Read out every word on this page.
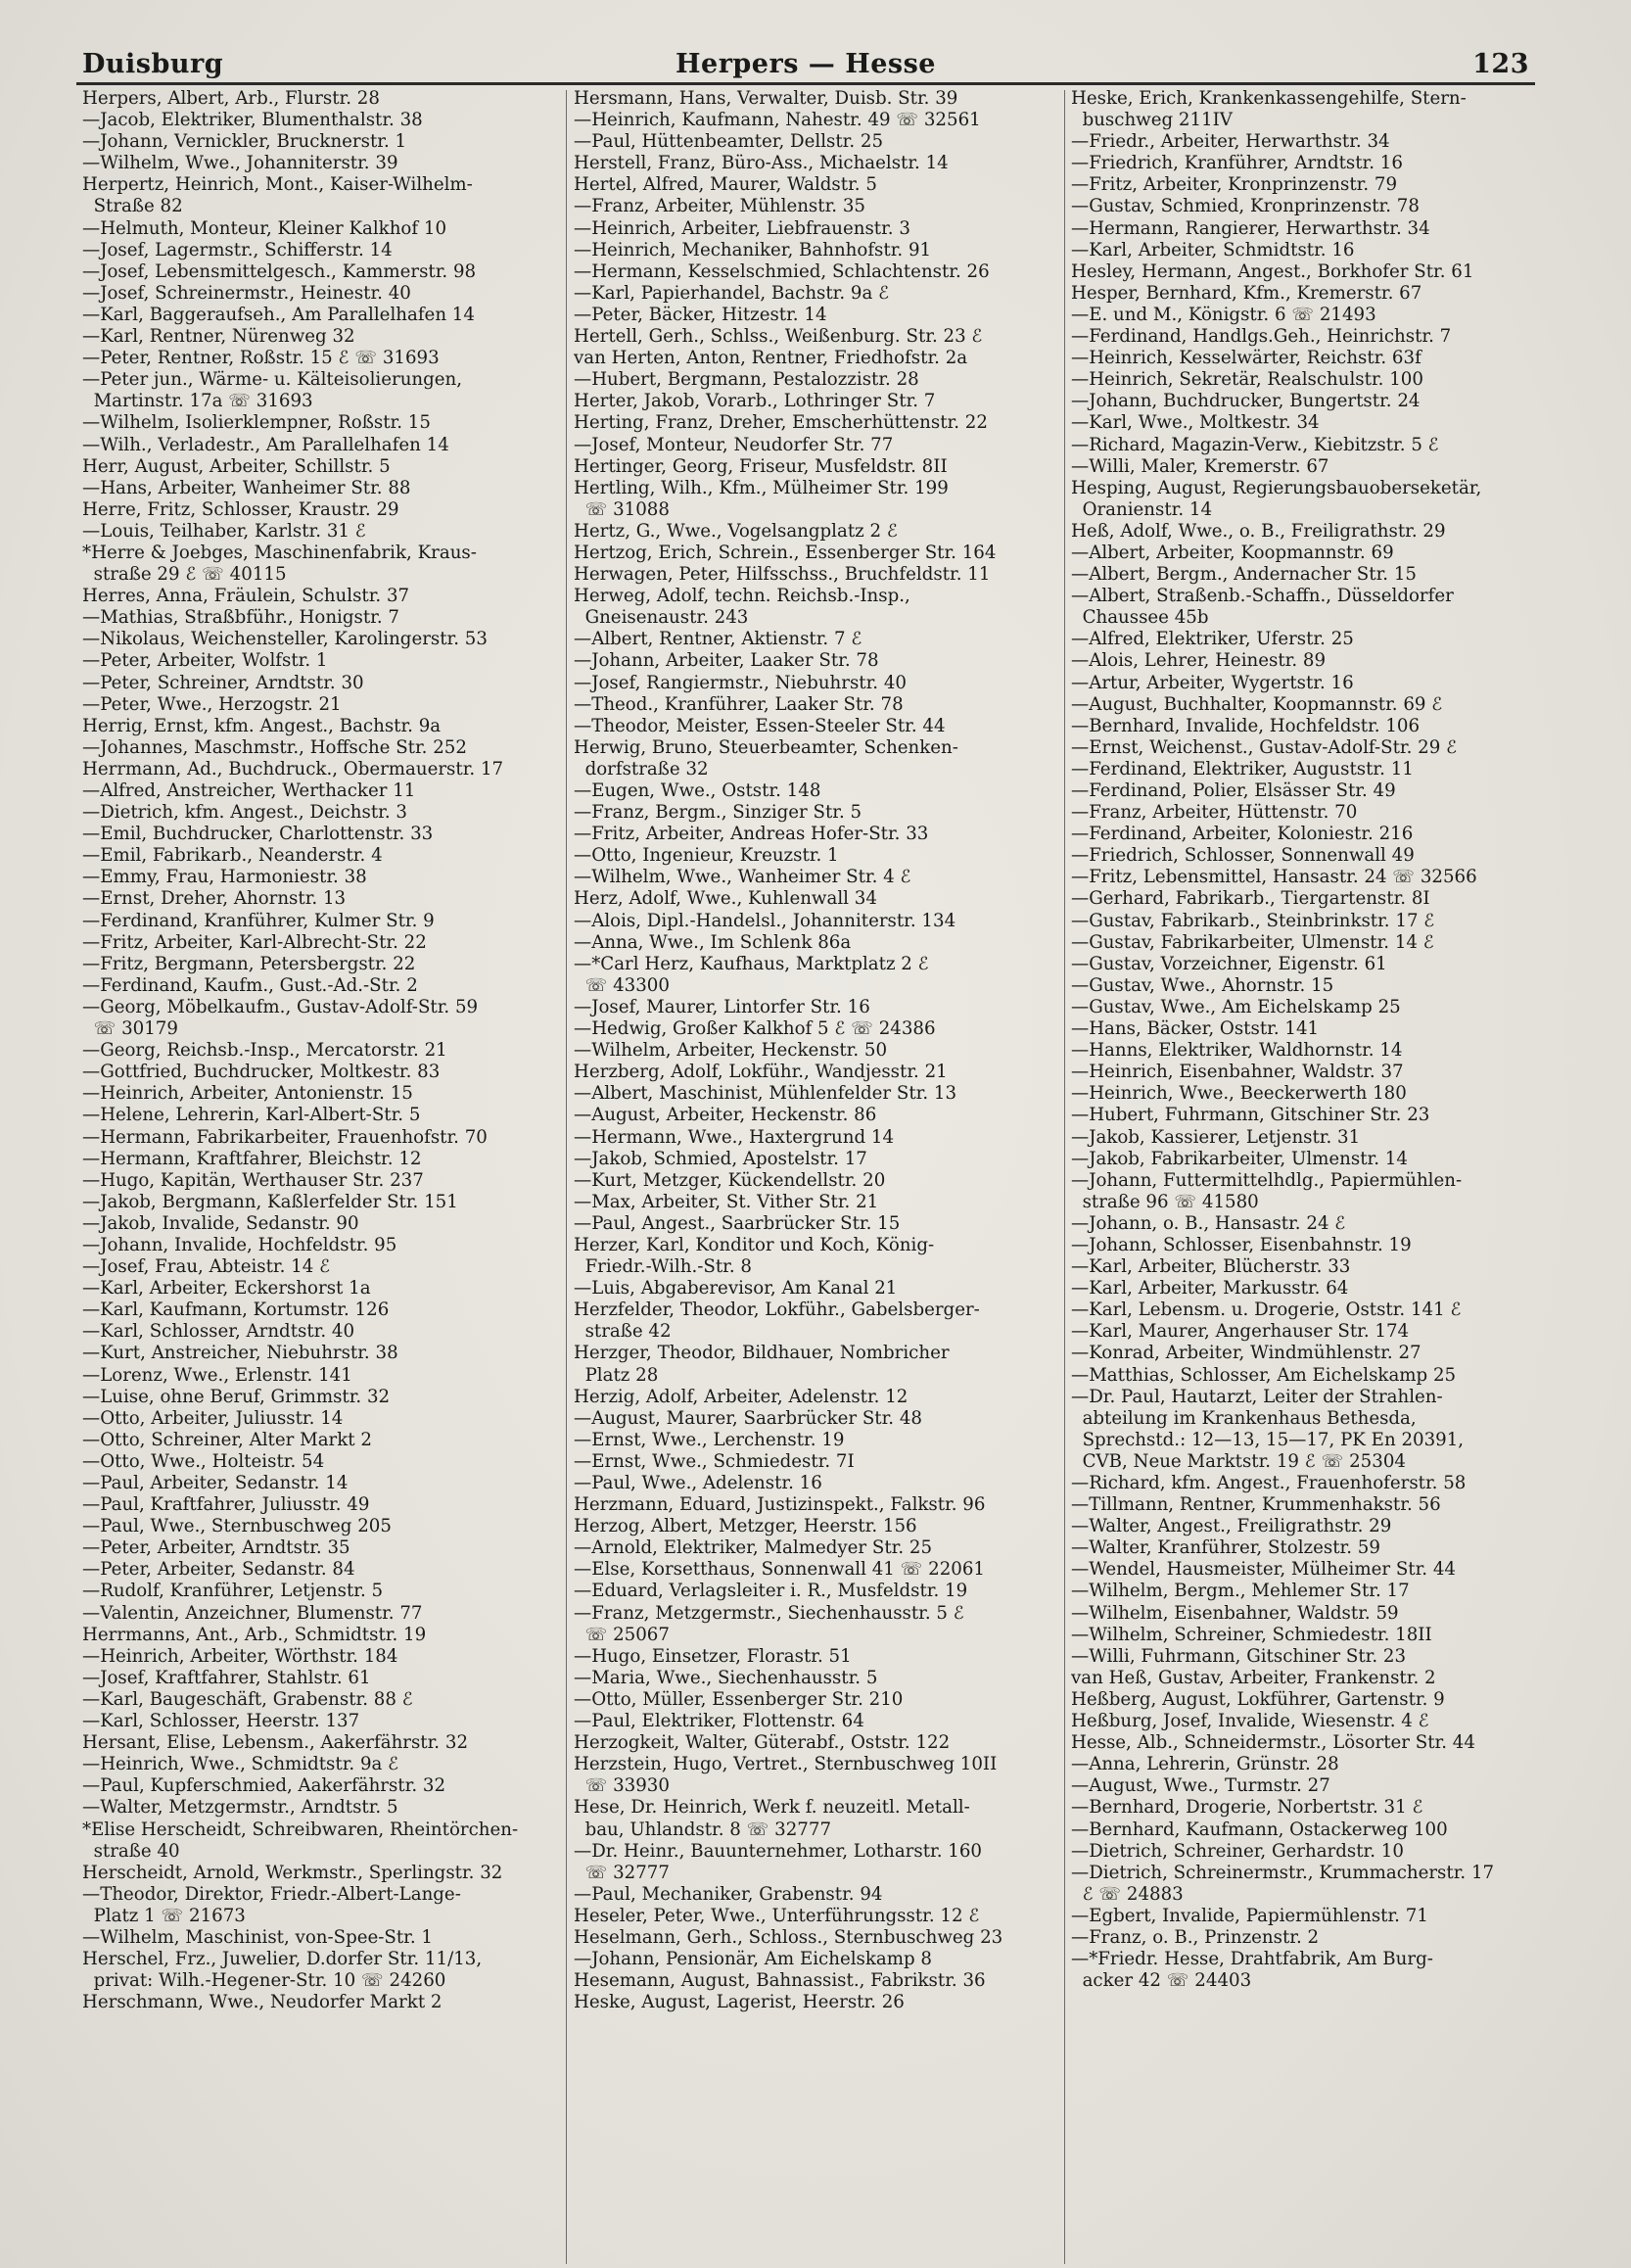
Duisburg	Herpers — Hesse	123
Herpers, Albert, Arb., Flurstr. 28
—Jacob, Elektriker, Blumenthalstr. 38
—Johann, Vernickler, Brucknerstr. 1
—Wilhelm, Wwe., Johanniterstr. 39
Herpertz, Heinrich, Mont., Kaiser-Wilhelm-
Straße 82
—Helmuth, Monteur, Kleiner Kalkhof 10
—Josef, Lagermstr., Schifferstr. 14
—Josef, Lebensmittelgesch., Kammerstr. 98
—Josef, Schreinermstr., Heinestr. 40
—Karl, Baggeraufseh., Am Parallelhafen 14
—Karl, Rentner, Nürenweg 32
—Peter, Rentner, Roßstr. 15 ℰ ☏ 31693
—Peter jun., Wärme- u. Kälteisolierungen,
Martinstr. 17a ☏ 31693
—Wilhelm, Isolierklempner, Roßstr. 15
—Wilh., Verladestr., Am Parallelhafen 14
Herr, August, Arbeiter, Schillstr. 5
—Hans, Arbeiter, Wanheimer Str. 88
Herre, Fritz, Schlosser, Kraustr. 29
—Louis, Teilhaber, Karlstr. 31 ℰ
*Herre & Joebges, Maschinenfabrik, Kraus-
straße 29 ℰ ☏ 40115
Herres, Anna, Fräulein, Schulstr. 37
—Mathias, Straßbführ., Honigstr. 7
—Nikolaus, Weichensteller, Karolingerstr. 53
—Peter, Arbeiter, Wolfstr. 1
—Peter, Schreiner, Arndtstr. 30
—Peter, Wwe., Herzogstr. 21
Herrig, Ernst, kfm. Angest., Bachstr. 9a
—Johannes, Maschmstr., Hoffsche Str. 252
Herrmann, Ad., Buchdruck., Obermauerstr. 17
—Alfred, Anstreicher, Werthacker 11
—Dietrich, kfm. Angest., Deichstr. 3
—Emil, Buchdrucker, Charlottenstr. 33
—Emil, Fabrikarb., Neanderstr. 4
—Emmy, Frau, Harmoniestr. 38
—Ernst, Dreher, Ahornstr. 13
—Ferdinand, Kranführer, Kulmer Str. 9
—Fritz, Arbeiter, Karl-Albrecht-Str. 22
—Fritz, Bergmann, Petersbergstr. 22
—Ferdinand, Kaufm., Gust.-Ad.-Str. 2
—Georg, Möbelkaufm., Gustav-Adolf-Str. 59
☏ 30179
—Georg, Reichsb.-Insp., Mercatorstr. 21
—Gottfried, Buchdrucker, Moltkestr. 83
—Heinrich, Arbeiter, Antonienstr. 15
—Helene, Lehrerin, Karl-Albert-Str. 5
—Hermann, Fabrikarbeiter, Frauenhofstr. 70
—Hermann, Kraftfahrer, Bleichstr. 12
—Hugo, Kapitän, Werthauser Str. 237
—Jakob, Bergmann, Kaßlerfelder Str. 151
—Jakob, Invalide, Sedanstr. 90
—Johann, Invalide, Hochfeldstr. 95
—Josef, Frau, Abteistr. 14 ℰ
—Karl, Arbeiter, Eckershorst 1a
—Karl, Kaufmann, Kortumstr. 126
—Karl, Schlosser, Arndtstr. 40
—Kurt, Anstreicher, Niebuhrstr. 38
—Lorenz, Wwe., Erlenstr. 141
—Luise, ohne Beruf, Grimmstr. 32
—Otto, Arbeiter, Juliusstr. 14
—Otto, Schreiner, Alter Markt 2
—Otto, Wwe., Holteistr. 54
—Paul, Arbeiter, Sedanstr. 14
—Paul, Kraftfahrer, Juliusstr. 49
—Paul, Wwe., Sternbuschweg 205
—Peter, Arbeiter, Arndtstr. 35
—Peter, Arbeiter, Sedanstr. 84
—Rudolf, Kranführer, Letjenstr. 5
—Valentin, Anzeichner, Blumenstr. 77
Herrmanns, Ant., Arb., Schmidtstr. 19
—Heinrich, Arbeiter, Wörthstr. 184
—Josef, Kraftfahrer, Stahlstr. 61
—Karl, Baugeschäft, Grabenstr. 88 ℰ
—Karl, Schlosser, Heerstr. 137
Hersant, Elise, Lebensm., Aakerfährstr. 32
—Heinrich, Wwe., Schmidtstr. 9a ℰ
—Paul, Kupferschmied, Aakerfährstr. 32
—Walter, Metzgermstr., Arndtstr. 5
*Elise Herscheidt, Schreibwaren, Rheintörchen-
straße 40
Herscheidt, Arnold, Werkmstr., Sperlingstr. 32
—Theodor, Direktor, Friedr.-Albert-Lange-
Platz 1 ☏ 21673
—Wilhelm, Maschinist, von-Spee-Str. 1
Herschel, Frz., Juwelier, D.dorfer Str. 11/13,
privat: Wilh.-Hegener-Str. 10 ☏ 24260
Herschmann, Wwe., Neudorfer Markt 2
Hersmann, Hans, Verwalter, Duisb. Str. 39
—Heinrich, Kaufmann, Nahestr. 49 ☏ 32561
—Paul, Hüttenbeamter, Dellstr. 25
Herstell, Franz, Büro-Ass., Michaelstr. 14
Hertel, Alfred, Maurer, Waldstr. 5
—Franz, Arbeiter, Mühlenstr. 35
—Heinrich, Arbeiter, Liebfrauenstr. 3
—Heinrich, Mechaniker, Bahnhofstr. 91
—Hermann, Kesselschmied, Schlachtenstr. 26
—Karl, Papierhandel, Bachstr. 9a ℰ
—Peter, Bäcker, Hitzestr. 14
Hertell, Gerh., Schlss., Weißenburg. Str. 23 ℰ
van Herten, Anton, Rentner, Friedhofstr. 2a
—Hubert, Bergmann, Pestalozzistr. 28
Herter, Jakob, Vorarb., Lothringer Str. 7
Herting, Franz, Dreher, Emscherhüttenstr. 22
—Josef, Monteur, Neudorfer Str. 77
Hertinger, Georg, Friseur, Musfeldstr. 8II
Hertling, Wilh., Kfm., Mülheimer Str. 199
☏ 31088
Hertz, G., Wwe., Vogelsangplatz 2 ℰ
Hertzog, Erich, Schrein., Essenberger Str. 164
Herwagen, Peter, Hilfsschss., Bruchfeldstr. 11
Herweg, Adolf, techn. Reichsb.-Insp.,
Gneisenaustr. 243
—Albert, Rentner, Aktienstr. 7 ℰ
—Johann, Arbeiter, Laaker Str. 78
—Josef, Rangiermstr., Niebuhrstr. 40
—Theod., Kranführer, Laaker Str. 78
—Theodor, Meister, Essen-Steeler Str. 44
Herwig, Bruno, Steuerbeamter, Schenken-
dorfstraße 32
—Eugen, Wwe., Oststr. 148
—Franz, Bergm., Sinziger Str. 5
—Fritz, Arbeiter, Andreas Hofer-Str. 33
—Otto, Ingenieur, Kreuzstr. 1
—Wilhelm, Wwe., Wanheimer Str. 4 ℰ
Herz, Adolf, Wwe., Kuhlenwall 34
—Alois, Dipl.-Handelsl., Johanniterstr. 134
—Anna, Wwe., Im Schlenk 86a
—*Carl Herz, Kaufhaus, Marktplatz 2 ℰ
☏ 43300
—Josef, Maurer, Lintorfer Str. 16
—Hedwig, Großer Kalkhof 5 ℰ ☏ 24386
—Wilhelm, Arbeiter, Heckenstr. 50
Herzberg, Adolf, Lokführ., Wandjesstr. 21
—Albert, Maschinist, Mühlenfelder Str. 13
—August, Arbeiter, Heckenstr. 86
—Hermann, Wwe., Haxtergrund 14
—Jakob, Schmied, Apostelstr. 17
—Kurt, Metzger, Kückendellstr. 20
—Max, Arbeiter, St. Vither Str. 21
—Paul, Angest., Saarbrücker Str. 15
Herzer, Karl, Konditor und Koch, König-
Friedr.-Wilh.-Str. 8
—Luis, Abgaberevisor, Am Kanal 21
Herzfelder, Theodor, Lokführ., Gabelsberger-
straße 42
Herzger, Theodor, Bildhauer, Nombricher
Platz 28
Herzig, Adolf, Arbeiter, Adelenstr. 12
—August, Maurer, Saarbrücker Str. 48
—Ernst, Wwe., Lerchenstr. 19
—Ernst, Wwe., Schmiedestr. 7I
—Paul, Wwe., Adelenstr. 16
Herzmann, Eduard, Justizinspekt., Falkstr. 96
Herzog, Albert, Metzger, Heerstr. 156
—Arnold, Elektriker, Malmedyer Str. 25
—Else, Korsetthaus, Sonnenwall 41 ☏ 22061
—Eduard, Verlagsleiter i. R., Musfeldstr. 19
—Franz, Metzgermstr., Siechenhausstr. 5 ℰ
☏ 25067
—Hugo, Einsetzer, Florastr. 51
—Maria, Wwe., Siechenhausstr. 5
—Otto, Müller, Essenberger Str. 210
—Paul, Elektriker, Flottenstr. 64
Herzogkeit, Walter, Güterabf., Oststr. 122
Herzstein, Hugo, Vertret., Sternbuschweg 10II
☏ 33930
Hese, Dr. Heinrich, Werk f. neuzeitl. Metall-
bau, Uhlandstr. 8 ☏ 32777
—Dr. Heinr., Bauunternehmer, Lotharstr. 160
☏ 32777
—Paul, Mechaniker, Grabenstr. 94
Heseler, Peter, Wwe., Unterführungsstr. 12 ℰ
Heselmann, Gerh., Schloss., Sternbuschweg 23
—Johann, Pensionär, Am Eichelskamp 8
Hesemann, August, Bahnassist., Fabrikstr. 36
Heske, August, Lagerist, Heerstr. 26
Heske, Erich, Krankenkassengehilfe, Stern-
buschweg 211IV
—Friedr., Arbeiter, Herwarthstr. 34
—Friedrich, Kranführer, Arndtstr. 16
—Fritz, Arbeiter, Kronprinzenstr. 79
—Gustav, Schmied, Kronprinzenstr. 78
—Hermann, Rangierer, Herwarthstr. 34
—Karl, Arbeiter, Schmidtstr. 16
Hesley, Hermann, Angest., Borkhofer Str. 61
Hesper, Bernhard, Kfm., Kremerstr. 67
—E. und M., Königstr. 6 ☏ 21493
—Ferdinand, Handlgs.Geh., Heinrichstr. 7
—Heinrich, Kesselwärter, Reichstr. 63f
—Heinrich, Sekretär, Realschulstr. 100
—Johann, Buchdrucker, Bungertstr. 24
—Karl, Wwe., Moltkestr. 34
—Richard, Magazin-Verw., Kiebitzstr. 5 ℰ
—Willi, Maler, Kremerstr. 67
Hesping, August, Regierungsbauoberseketär,
Oranienstr. 14
Heß, Adolf, Wwe., o. B., Freiligrathstr. 29
—Albert, Arbeiter, Koopmannstr. 69
—Albert, Bergm., Andernacher Str. 15
—Albert, Straßenb.-Schaffn., Düsseldorfer
Chaussee 45b
—Alfred, Elektriker, Uferstr. 25
—Alois, Lehrer, Heinestr. 89
—Artur, Arbeiter, Wygertstr. 16
—August, Buchhalter, Koopmannstr. 69 ℰ
—Bernhard, Invalide, Hochfeldstr. 106
—Ernst, Weichenst., Gustav-Adolf-Str. 29 ℰ
—Ferdinand, Elektriker, Auguststr. 11
—Ferdinand, Polier, Elsässer Str. 49
—Franz, Arbeiter, Hüttenstr. 70
—Ferdinand, Arbeiter, Koloniestr. 216
—Friedrich, Schlosser, Sonnenwall 49
—Fritz, Lebensmittel, Hansastr. 24 ☏ 32566
—Gerhard, Fabrikarb., Tiergartenstr. 8I
—Gustav, Fabrikarb., Steinbrinkstr. 17 ℰ
—Gustav, Fabrikarbeiter, Ulmenstr. 14 ℰ
—Gustav, Vorzeichner, Eigenstr. 61
—Gustav, Wwe., Ahornstr. 15
—Gustav, Wwe., Am Eichelskamp 25
—Hans, Bäcker, Oststr. 141
—Hanns, Elektriker, Waldhornstr. 14
—Heinrich, Eisenbahner, Waldstr. 37
—Heinrich, Wwe., Beeckerwerth 180
—Hubert, Fuhrmann, Gitschiner Str. 23
—Jakob, Kassierer, Letjenstr. 31
—Jakob, Fabrikarbeiter, Ulmenstr. 14
—Johann, Futtermittelhdlg., Papiermühlen-
straße 96 ☏ 41580
—Johann, o. B., Hansastr. 24 ℰ
—Johann, Schlosser, Eisenbahnstr. 19
—Karl, Arbeiter, Blücherstr. 33
—Karl, Arbeiter, Markusstr. 64
—Karl, Lebensm. u. Drogerie, Oststr. 141 ℰ
—Karl, Maurer, Angerhauser Str. 174
—Konrad, Arbeiter, Windmühlenstr. 27
—Matthias, Schlosser, Am Eichelskamp 25
—Dr. Paul, Hautarzt, Leiter der Strahlen-
abteilung im Krankenhaus Bethesda,
Sprechstd.: 12—13, 15—17, PK En 20391,
CVB, Neue Marktstr. 19 ℰ ☏ 25304
—Richard, kfm. Angest., Frauenhoferstr. 58
—Tillmann, Rentner, Krummenhakstr. 56
—Walter, Angest., Freiligrathstr. 29
—Walter, Kranführer, Stolzestr. 59
—Wendel, Hausmeister, Mülheimer Str. 44
—Wilhelm, Bergm., Mehlemer Str. 17
—Wilhelm, Eisenbahner, Waldstr. 59
—Wilhelm, Schreiner, Schmiedestr. 18II
—Willi, Fuhrmann, Gitschiner Str. 23
van Heß, Gustav, Arbeiter, Frankenstr. 2
Heßberg, August, Lokführer, Gartenstr. 9
Heßburg, Josef, Invalide, Wiesenstr. 4 ℰ
Hesse, Alb., Schneidermstr., Lösorter Str. 44
—Anna, Lehrerin, Grünstr. 28
—August, Wwe., Turmstr. 27
—Bernhard, Drogerie, Norbertstr. 31 ℰ
—Bernhard, Kaufmann, Ostackerweg 100
—Dietrich, Schreiner, Gerhardstr. 10
—Dietrich, Schreinermstr., Krummacherstr. 17
ℰ ☏ 24883
—Egbert, Invalide, Papiermühlenstr. 71
—Franz, o. B., Prinzenstr. 2
—*Friedr. Hesse, Drahtfabrik, Am Burg-
acker 42 ☏ 24403
